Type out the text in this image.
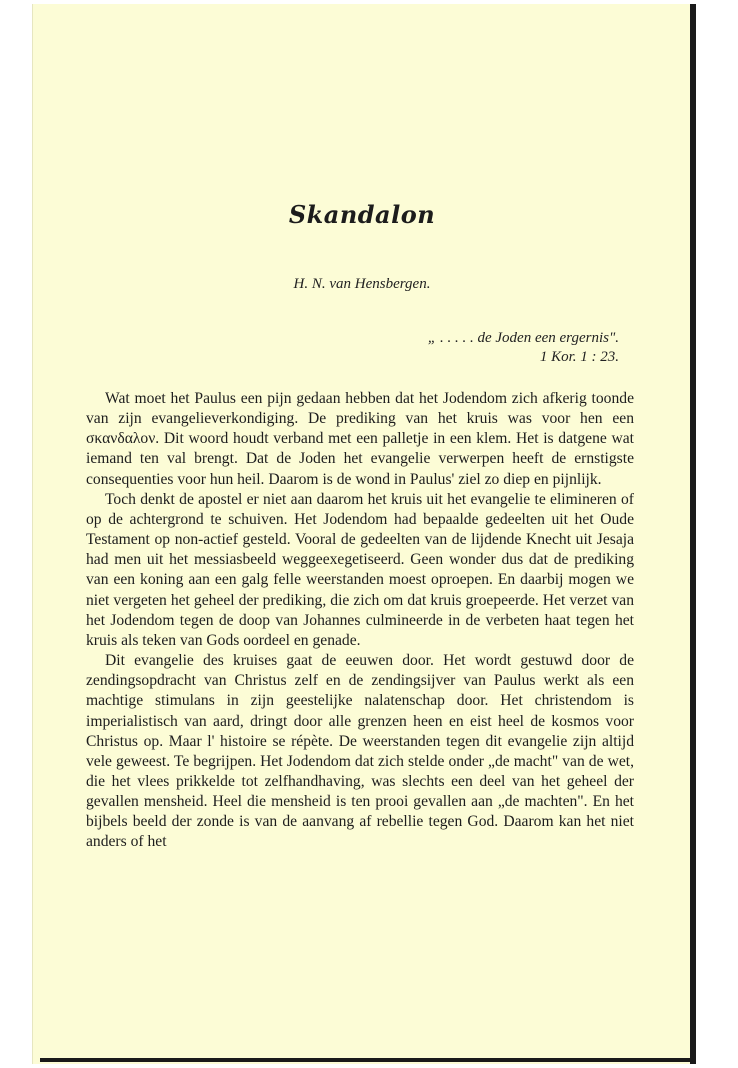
Skandalon
H. N. van Hensbergen.
„ . . . . . de Joden een ergernis".
1 Kor. 1 : 23.

Wat moet het Paulus een pijn gedaan hebben dat het Jodendom zich afkerig toonde van zijn evangelieverkondiging. De prediking van het kruis was voor hen een σκανδαλον. Dit woord houdt verband met een palletje in een klem. Het is datgene wat iemand ten val brengt. Dat de Joden het evangelie verwerpen heeft de ernstigste consequenties voor hun heil. Daarom is de wond in Paulus' ziel zo diep en pijnlijk.

Toch denkt de apostel er niet aan daarom het kruis uit het evangelie te elimineren of op de achtergrond te schuiven. Het Jodendom had bepaalde gedeelten uit het Oude Testament op non-actief gesteld. Vooral de gedeelten van de lijdende Knecht uit Jesaja had men uit het messiasbeeld weggeexegetiseerd. Geen wonder dus dat de prediking van een koning aan een galg felle weerstanden moest oproepen. En daarbij mogen we niet vergeten het geheel der prediking, die zich om dat kruis groepeerde. Het verzet van het Jodendom tegen de doop van Johannes culmineerde in de verbeten haat tegen het kruis als teken van Gods oordeel en genade.

Dit evangelie des kruises gaat de eeuwen door. Het wordt gestuwd door de zendingsopdracht van Christus zelf en de zendingsijver van Paulus werkt als een machtige stimulans in zijn geestelijke nalatenschap door. Het christendom is imperialistisch van aard, dringt door alle grenzen heen en eist heel de kosmos voor Christus op. Maar l' histoire se répète. De weerstanden tegen dit evangelie zijn altijd vele geweest. Te begrijpen. Het Jodendom dat zich stelde onder „de macht" van de wet, die het vlees prikkelde tot zelfhandhaving, was slechts een deel van het geheel der gevallen mensheid. Heel die mensheid is ten prooi gevallen aan „de machten". En het bijbels beeld der zonde is van de aanvang af rebellie tegen God. Daarom kan het niet anders of het
